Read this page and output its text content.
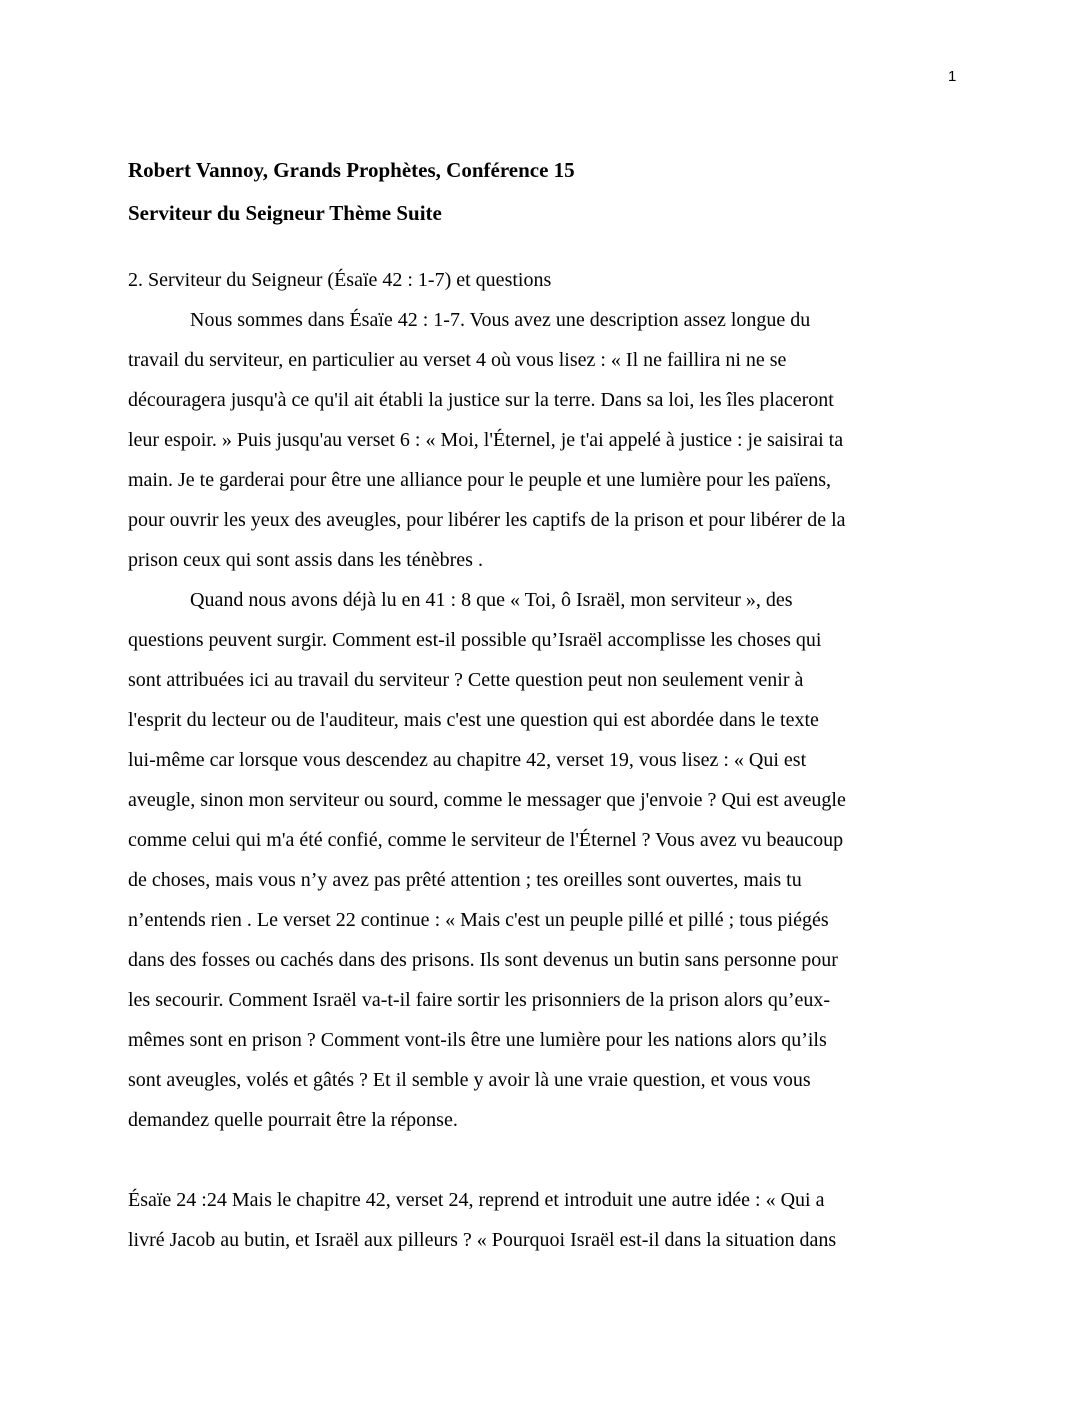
1
Robert Vannoy, Grands Prophètes, Conférence 15
Serviteur du Seigneur Thème Suite
2. Serviteur du Seigneur (Ésaïe 42 : 1-7) et questions
Nous sommes dans Ésaïe 42 : 1-7. Vous avez une description assez longue du
travail du serviteur, en particulier au verset 4 où vous lisez : « Il ne faillira ni ne se
découragera jusqu'à ce qu'il ait établi la justice sur la terre. Dans sa loi, les îles placeront
leur espoir. » Puis jusqu'au verset 6 : « Moi, l'Éternel, je t'ai appelé à justice : je saisirai ta
main. Je te garderai pour être une alliance pour le peuple et une lumière pour les païens,
pour ouvrir les yeux des aveugles, pour libérer les captifs de la prison et pour libérer de la
prison ceux qui sont assis dans les ténèbres .
Quand nous avons déjà lu en 41 : 8 que « Toi, ô Israël, mon serviteur », des
questions peuvent surgir. Comment est-il possible qu’Israël accomplisse les choses qui
sont attribuées ici au travail du serviteur ? Cette question peut non seulement venir à
l'esprit du lecteur ou de l'auditeur, mais c'est une question qui est abordée dans le texte
lui-même car lorsque vous descendez au chapitre 42, verset 19, vous lisez : « Qui est
aveugle, sinon mon serviteur ou sourd, comme le messager que j'envoie ? Qui est aveugle
comme celui qui m'a été confié, comme le serviteur de l'Éternel ? Vous avez vu beaucoup
de choses, mais vous n’y avez pas prêté attention ; tes oreilles sont ouvertes, mais tu
n’entends rien . Le verset 22 continue : « Mais c'est un peuple pillé et pillé ; tous piégés
dans des fosses ou cachés dans des prisons. Ils sont devenus un butin sans personne pour
les secourir. Comment Israël va-t-il faire sortir les prisonniers de la prison alors qu’eux-
mêmes sont en prison ? Comment vont-ils être une lumière pour les nations alors qu’ils
sont aveugles, volés et gâtés ? Et il semble y avoir là une vraie question, et vous vous
demandez quelle pourrait être la réponse.
Ésaïe 24 :24 Mais le chapitre 42, verset 24, reprend et introduit une autre idée : « Qui a
livré Jacob au butin, et Israël aux pilleurs ? « Pourquoi Israël est-il dans la situation dans
